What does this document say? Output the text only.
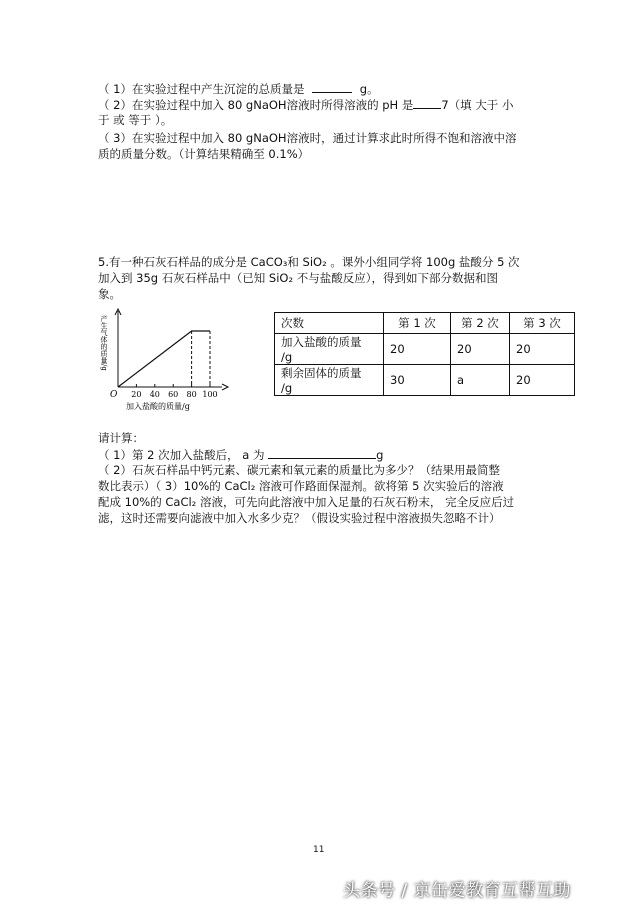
（ 1）在实验过程中产生沉淀的总质量是	g。
（ 2）在实验过程中加入 80 gNaOH溶液时所得溶液的 pH 是 7（填 大于 小
于 或 等于 ）。
（ 3）在实验过程中加入 80 gNaOH溶液时，通过计算求此时所得不饱和溶液中溶
质的质量分数。（计算结果精确至 0.1%）
5.有一种石灰石样品的成分是 CaCO₃和 SiO₂ 。课外小组同学将 100g 盐酸分 5 次
加入到 35g 石灰石样品中（已知 SiO₂ 不与盐酸反应），得到如下部分数据和图
象。
20 40 60 80 100
O
产生气体的质量/g
加入盐酸的质量/g
次数	第 1 次	第 2 次	第 3 次
加入盐酸的质量
/g	20	20	20
剩余固体的质量
/g	30	a	20
请计算：
（ 1）第 2 次加入盐酸后， a 为	g
（ 2）石灰石样品中钙元素、碳元素和氧元素的质量比为多少？（结果用最简整
数比表示）（ 3）10%的 CaCl₂ 溶液可作路面保湿剂。欲将第 5 次实验后的溶液
配成 10%的 CaCl₂ 溶液，可先向此溶液中加入足量的石灰石粉末， 完全反应后过
滤，这时还需要向滤液中加入水多少克？（假设实验过程中溶液损失忽略不计）
11
头条号 / 京缶爱教育互帮互助
